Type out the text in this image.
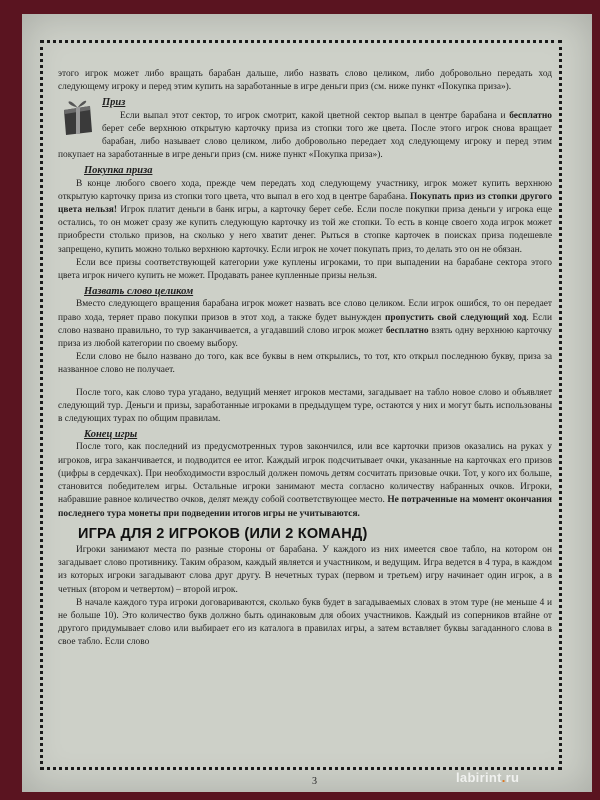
этого игрок может либо вращать барабан дальше, либо назвать слово целиком, либо добровольно передать ход следующему игроку и перед этим купить на заработанные в игре деньги приз (см. ниже пункт «Покупка приза»).

Приз

Если выпал этот сектор, то игрок смотрит, какой цветной сектор выпал в центре барабана и бесплатно берет себе верхнюю открытую карточку приза из стопки того же цвета. После этого игрок снова вращает барабан, либо называет слово целиком, либо добровольно передает ход следующему игроку и перед этим покупает на заработанные в игре деньги приз (см. ниже пункт «Покупка приза»).

Покупка приза

В конце любого своего хода, прежде чем передать ход следующему участнику, игрок может купить верхнюю открытую карточку приза из стопки того цвета, что выпал в его ход в центре барабана. Покупать приз из стопки другого цвета нельзя! Игрок платит деньги в банк игры, а карточку берет себе. Если после покупки приза деньги у игрока еще остались, то он может сразу же купить следующую карточку из той же стопки. То есть в конце своего хода игрок может приобрести столько призов, на сколько у него хватит денег. Рыться в стопке карточек в поисках приза подешевле запрещено, купить можно только верхнюю карточку. Если игрок не хочет покупать приз, то делать это он не обязан.

Если все призы соответствующей категории уже куплены игроками, то при выпадении на барабане сектора этого цвета игрок ничего купить не может. Продавать ранее купленные призы нельзя.

Назвать слово целиком

Вместо следующего вращения барабана игрок может назвать все слово целиком. Если игрок ошибся, то он передает право хода, теряет право покупки призов в этот ход, а также будет вынужден пропустить свой следующий ход. Если слово названо правильно, то тур заканчивается, а угадавший слово игрок может бесплатно взять одну верхнюю карточку приза из любой категории по своему выбору.

Если слово не было названо до того, как все буквы в нем открылись, то тот, кто открыл последнюю букву, приза за названное слово не получает.

После того, как слово тура угадано, ведущий меняет игроков местами, загадывает на табло новое слово и объявляет следующий тур. Деньги и призы, заработанные игроками в предыдущем туре, остаются у них и могут быть использованы в следующих турах по общим правилам.

Конец игры

После того, как последний из предусмотренных туров закончился, или все карточки призов оказались на руках у игроков, игра заканчивается, и подводится ее итог. Каждый игрок подсчитывает очки, указанные на карточках его призов (цифры в сердечках). При необходимости взрослый должен помочь детям сосчитать призовые очки. Тот, у кого их больше, становится победителем игры. Остальные игроки занимают места согласно количеству набранных очков. Игроки, набравшие равное количество очков, делят между собой соответствующее место. Не потраченные на момент окончания последнего тура монеты при подведении итогов игры не учитываются.

ИГРА ДЛЯ 2 ИГРОКОВ (ИЛИ 2 КОМАНД)

Игроки занимают места по разные стороны от барабана. У каждого из них имеется свое табло, на котором он загадывает слово противнику. Таким образом, каждый является и участником, и ведущим. Игра ведется в 4 тура, в каждом из которых игроки загадывают слова друг другу. В нечетных турах (первом и третьем) игру начинает один игрок, а в четных (втором и четвертом) – второй игрок.

В начале каждого тура игроки договариваются, сколько букв будет в загадываемых словах в этом туре (не меньше 4 и не больше 10). Это количество букв должно быть одинаковым для обоих участников. Каждый из соперников втайне от другого придумывает слово или выбирает его из каталога в правилах игры, а затем вставляет буквы загаданного слова в свое табло. Если слово

3	labirint.ru
